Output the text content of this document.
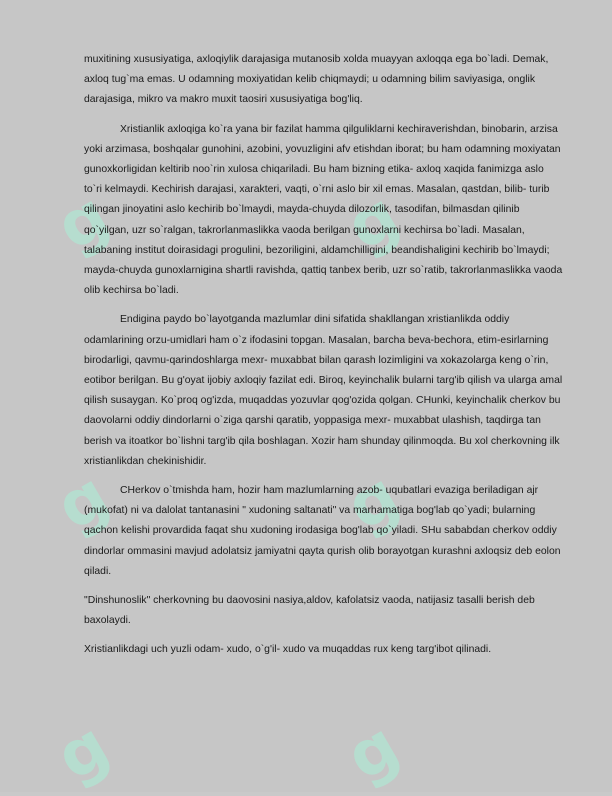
g	g
g	g
g	g

muxitining xususiyatiga, axloqiylik darajasiga mutanosib xolda muayyan axloqqa ega bo`ladi. Demak, axloq tug`ma emas. U odamning moxiyatidan kelib chiqmaydi; u odamning bilim saviyasiga, onglik darajasiga, mikro va makro muxit taosiri xususiyatiga bog'liq.

Xristianlik axloqiga ko`ra yana bir fazilat hamma qilguliklarni kechiraverishdan, binobarin, arzisa yoki arzimasa, boshqalar gunohini, azobini, yovuzligini afv etishdan iborat; bu ham odamning moxiyatan gunoxkorligidan keltirib noo`rin xulosa chiqariladi. Bu ham bizning etika- axloq xaqida fanimizga aslo to`ri kelmaydi. Kechirish darajasi, xarakteri, vaqti, o`rni aslo bir xil emas. Masalan, qastdan, bilib- turib qilingan jinoyatini aslo kechirib bo`lmaydi, mayda-chuyda dilozorlik, tasodifan, bilmasdan qilinib qo`yilgan, uzr so`ralgan, takrorlanmaslikka vaoda berilgan gunoxlarni kechirsa bo`ladi. Masalan, talabaning institut doirasidagi progulini, bezoriligini, aldamchilligini, beandishaligini kechirib bo`lmaydi; mayda-chuyda gunoxlarnigina shartli ravishda, qattiq tanbex berib, uzr so`ratib, takrorlanmaslikka vaoda olib kechirsa bo`ladi.

Endigina paydo bo`layotganda mazlumlar dini sifatida shakllangan xristianlikda oddiy odamlarining orzu-umidlari ham o`z ifodasini topgan. Masalan, barcha beva-bechora, etim-esirlarning birodarligi, qavmu-qarindoshlarga mexr- muxabbat bilan qarash lozimligini va xokazolarga keng o`rin, eotibor berilgan. Bu g'oyat ijobiy axloqiy fazilat edi. Biroq, keyinchalik bularni targ'ib qilish va ularga amal qilish susaygan. Ko`proq og'izda, muqaddas yozuvlar qog'ozida qolgan. CHunki, keyinchalik cherkov bu daovolarni oddiy dindorlarni o`ziga qarshi qaratib, yoppasiga mexr- muxabbat ulashish, taqdirga tan berish va itoatkor bo`lishni targ'ib qila boshlagan. Xozir ham shunday qilinmoqda. Bu xol cherkovning ilk xristianlikdan chekinishidir.

CHerkov o`tmishda ham, hozir ham mazlumlarning azob- uqubatlari evaziga beriladigan ajr (mukofat) ni va dalolat tantanasini " xudoning saltanati" va marhamatiga bog'lab qo`yadi; bularning qachon kelishi provardida faqat shu xudoning irodasiga bog'lab qo`yiladi. SHu sababdan cherkov oddiy dindorlar ommasini mavjud adolatsiz jamiyatni qayta qurish olib borayotgan kurashni axloqsiz deb eolon qiladi.

"Dinshunoslik" cherkovning bu daovosini nasiya,aldov, kafolatsiz vaoda, natijasiz tasalli berish deb baxolaydi.

Xristianlikdagi uch yuzli odam- xudo, o`g'il- xudo va muqaddas rux keng targ'ibot qilinadi.
